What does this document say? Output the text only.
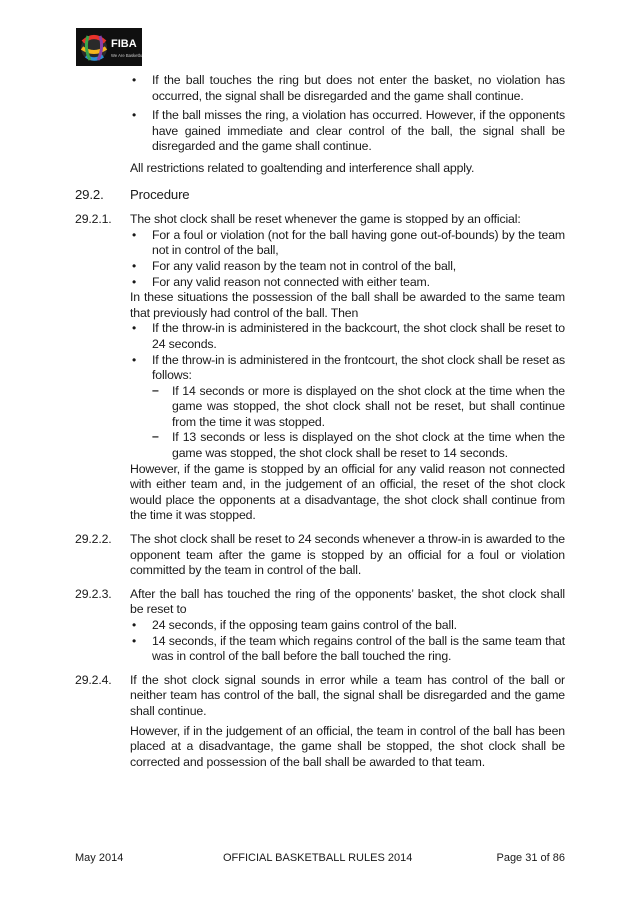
FIBA
We Are Basketball
• If the ball touches the ring but does not enter the basket, no violation has occurred, the signal shall be disregarded and the game shall continue.
• If the ball misses the ring, a violation has occurred. However, if the opponents have gained immediate and clear control of the ball, the signal shall be disregarded and the game shall continue.

All restrictions related to goaltending and interference shall apply.

29.2. Procedure
29.2.1. The shot clock shall be reset whenever the game is stopped by an official:

• For a foul or violation (not for the ball having gone out-of-bounds) by the team not in control of the ball,
• For any valid reason by the team not in control of the ball,
• For any valid reason not connected with either team.

In these situations the possession of the ball shall be awarded to the same team that previously had control of the ball. Then

• If the throw-in is administered in the backcourt, the shot clock shall be reset to 24 seconds.
• If the throw-in is administered in the frontcourt, the shot clock shall be reset as follows:
– If 14 seconds or more is displayed on the shot clock at the time when the game was stopped, the shot clock shall not be reset, but shall continue from the time it was stopped.
– If 13 seconds or less is displayed on the shot clock at the time when the game was stopped, the shot clock shall be reset to 14 seconds.

However, if the game is stopped by an official for any valid reason not connected with either team and, in the judgement of an official, the reset of the shot clock would place the opponents at a disadvantage, the shot clock shall continue from the time it was stopped.

29.2.2. The shot clock shall be reset to 24 seconds whenever a throw-in is awarded to the opponent team after the game is stopped by an official for a foul or violation committed by the team in control of the ball.

29.2.3. After the ball has touched the ring of the opponents’ basket, the shot clock shall be reset to

• 24 seconds, if the opposing team gains control of the ball.
• 14 seconds, if the team which regains control of the ball is the same team that was in control of the ball before the ball touched the ring.
29.2.4. If the shot clock signal sounds in error while a team has control of the ball or neither team has control of the ball, the signal shall be disregarded and the game shall continue.

However, if in the judgement of an official, the team in control of the ball has been placed at a disadvantage, the game shall be stopped, the shot clock shall be corrected and possession of the ball shall be awarded to that team.

May 2014	OFFICIAL BASKETBALL RULES 2014	Page 31 of 86
